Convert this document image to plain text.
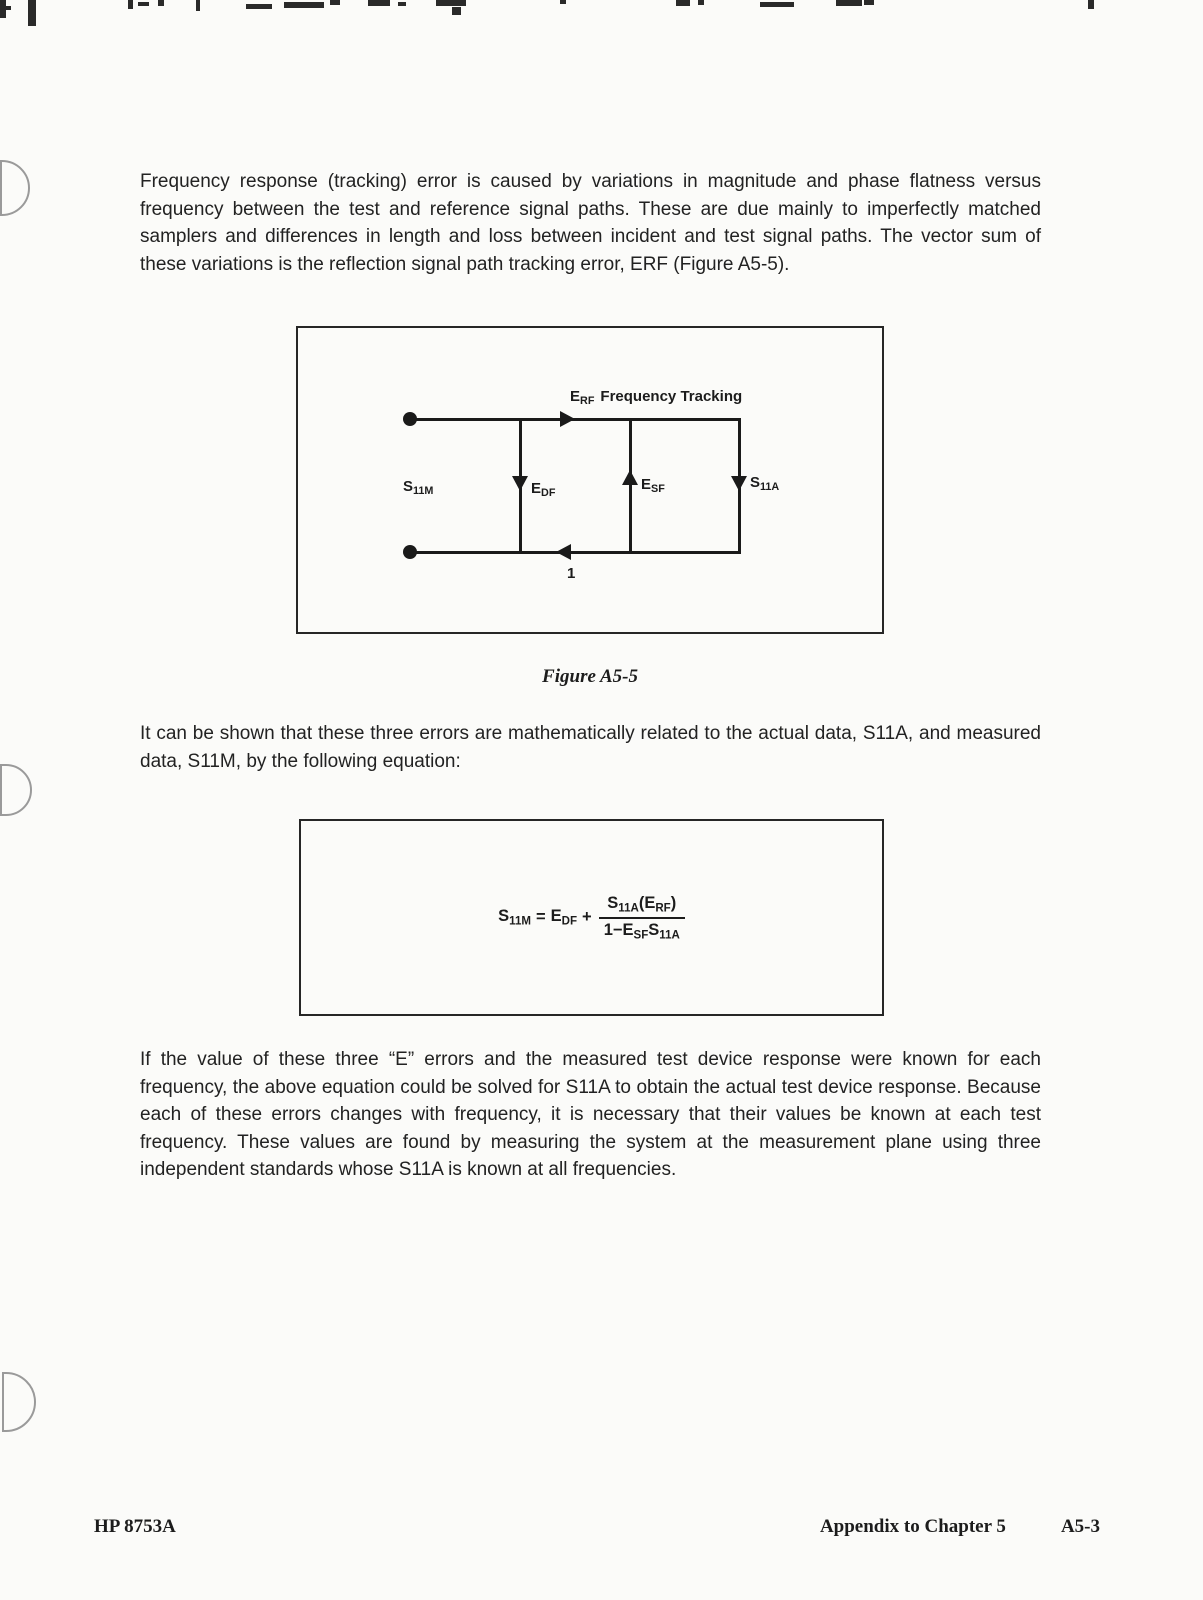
Frequency response (tracking) error is caused by variations in magnitude and phase flatness versus frequency between the test and reference signal paths. These are due mainly to imperfectly matched samplers and differences in length and loss between incident and test signal paths. The vector sum of these variations is the reflection signal path tracking error, ERF (Figure A5-5).

$E_{RF}$ Frequency Tracking
$S_{11M}$	$E_{DF}$
$E_{SF}$	$S_{11A}$
1
Figure A5-5

It can be shown that these three errors are mathematically related to the actual data, S11A, and measured data, S11M, by the following equation:

$S_{11M} = E_{DF} + \frac{S_{11A}(E_{RF})}{1-E_{SF}S_{11A}}$

If the value of these three “E” errors and the measured test device response were known for each frequency, the above equation could be solved for S11A to obtain the actual test device response. Because each of these errors changes with frequency, it is necessary that their values be known at each test frequency. These values are found by measuring the system at the measurement plane using three independent standards whose S11A is known at all frequencies.

HP 8753A	Appendix to Chapter 5	A5-3
